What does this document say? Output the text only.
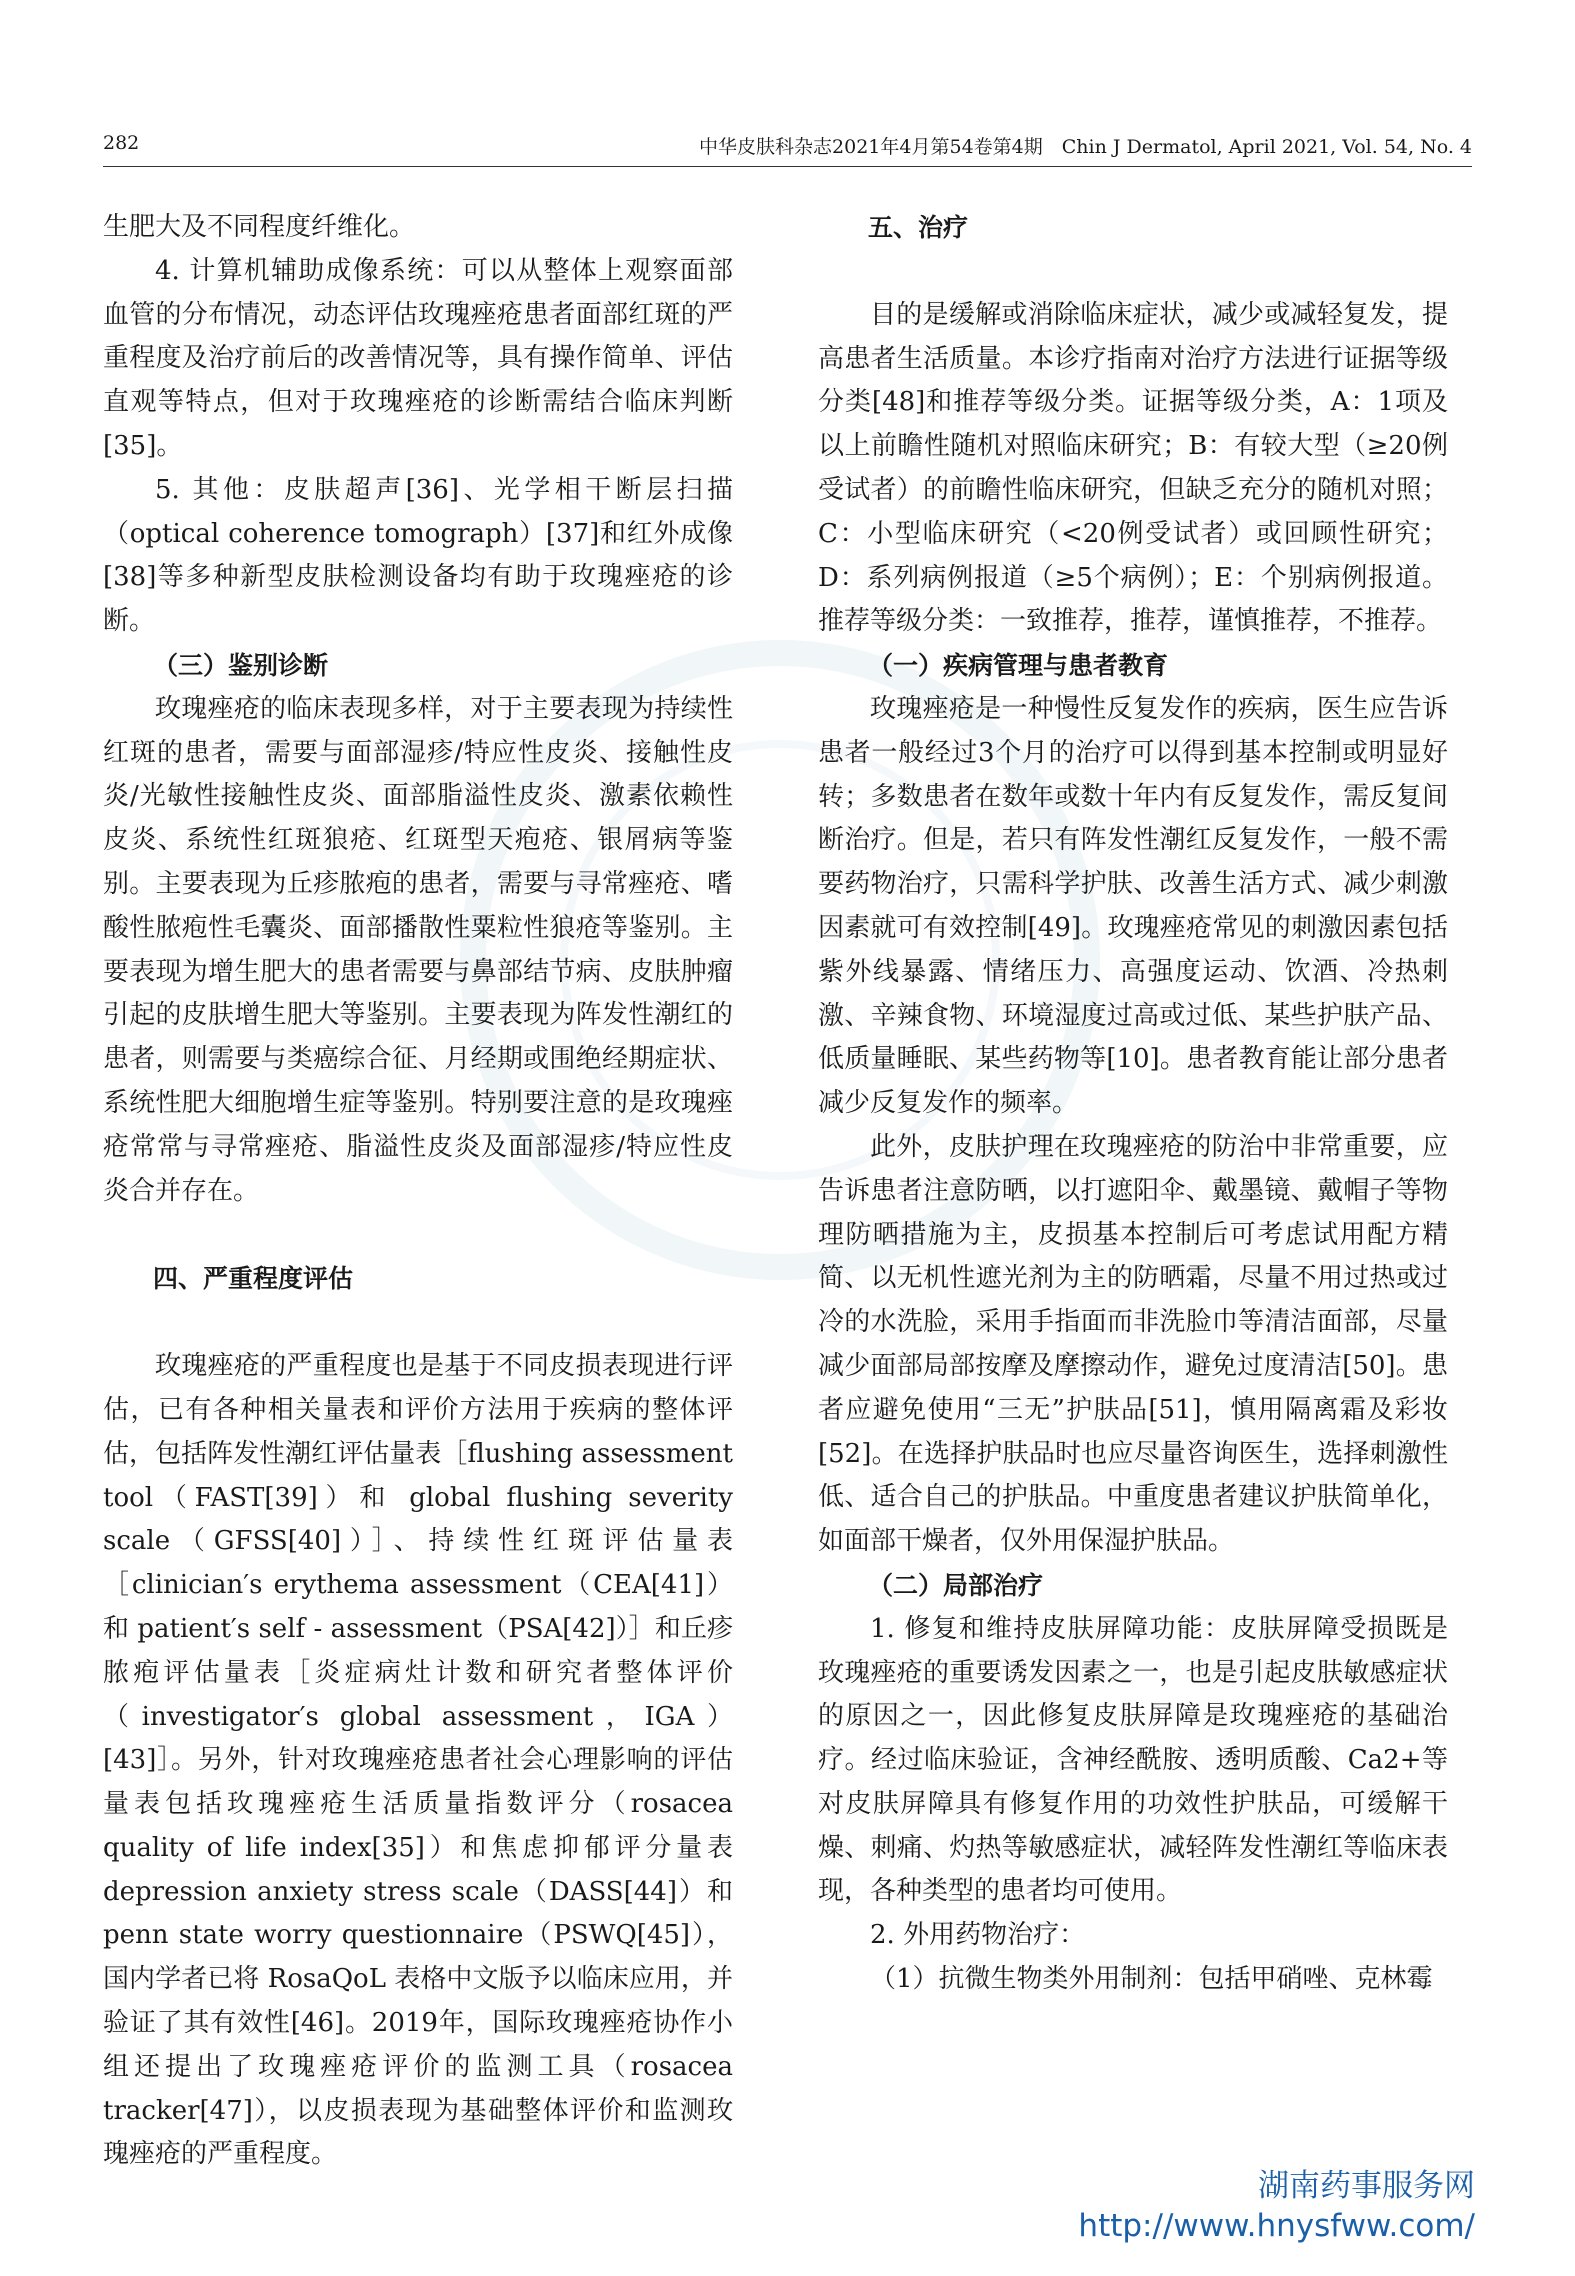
282	中华皮肤科杂志2021年4月第54卷第4期　Chin J Dermatol, April 2021, Vol. 54, No. 4

生肥大及不同程度纤维化。

4. 计算机辅助成像系统：可以从整体上观察面部血管的分布情况，动态评估玫瑰痤疮患者面部红斑的严重程度及治疗前后的改善情况等，具有操作简单、评估直观等特点，但对于玫瑰痤疮的诊断需结合临床判断[35]。

5. 其他：皮肤超声[36]、光学相干断层扫描（optical coherence tomograph）[37]和红外成像[38]等多种新型皮肤检测设备均有助于玫瑰痤疮的诊断。

（三）鉴别诊断

玫瑰痤疮的临床表现多样，对于主要表现为持续性红斑的患者，需要与面部湿疹/特应性皮炎、接触性皮炎/光敏性接触性皮炎、面部脂溢性皮炎、激素依赖性皮炎、系统性红斑狼疮、红斑型天疱疮、银屑病等鉴别。主要表现为丘疹脓疱的患者，需要与寻常痤疮、嗜酸性脓疱性毛囊炎、面部播散性粟粒性狼疮等鉴别。主要表现为增生肥大的患者需要与鼻部结节病、皮肤肿瘤引起的皮肤增生肥大等鉴别。主要表现为阵发性潮红的患者，则需要与类癌综合征、月经期或围绝经期症状、系统性肥大细胞增生症等鉴别。特别要注意的是玫瑰痤疮常常与寻常痤疮、脂溢性皮炎及面部湿疹/特应性皮炎合并存在。

四、严重程度评估

玫瑰痤疮的严重程度也是基于不同皮损表现进行评估，已有各种相关量表和评价方法用于疾病的整体评估，包括阵发性潮红评估量表［flushing assessment tool（FAST[39]）和 global flushing severity scale（GFSS[40]）］、持续性红斑评估量表［clinician′s erythema assessment（CEA[41]）和 patient′s self - assessment（PSA[42]）］和丘疹脓疱评估量表［炎症病灶计数和研究者整体评价（investigator′s global assessment，IGA）[43]］。另外，针对玫瑰痤疮患者社会心理影响的评估量表包括玫瑰痤疮生活质量指数评分（rosacea quality of life index[35]）和焦虑抑郁评分量表 depression anxiety stress scale（DASS[44]）和 penn state worry questionnaire（PSWQ[45]），国内学者已将 RosaQoL 表格中文版予以临床应用，并验证了其有效性[46]。2019年，国际玫瑰痤疮协作小组还提出了玫瑰痤疮评价的监测工具（rosacea tracker[47]），以皮损表现为基础整体评价和监测玫瑰痤疮的严重程度。

五、治疗

目的是缓解或消除临床症状，减少或减轻复发，提高患者生活质量。本诊疗指南对治疗方法进行证据等级分类[48]和推荐等级分类。证据等级分类，A：1项及以上前瞻性随机对照临床研究；B：有较大型（≥20例受试者）的前瞻性临床研究，但缺乏充分的随机对照；C：小型临床研究（<20例受试者）或回顾性研究；D：系列病例报道（≥5个病例）；E：个别病例报道。推荐等级分类：一致推荐，推荐，谨慎推荐，不推荐。

（一）疾病管理与患者教育

玫瑰痤疮是一种慢性反复发作的疾病，医生应告诉患者一般经过3个月的治疗可以得到基本控制或明显好转；多数患者在数年或数十年内有反复发作，需反复间断治疗。但是，若只有阵发性潮红反复发作，一般不需要药物治疗，只需科学护肤、改善生活方式、减少刺激因素就可有效控制[49]。玫瑰痤疮常见的刺激因素包括紫外线暴露、情绪压力、高强度运动、饮酒、冷热刺激、辛辣食物、环境湿度过高或过低、某些护肤产品、低质量睡眠、某些药物等[10]。患者教育能让部分患者减少反复发作的频率。

此外，皮肤护理在玫瑰痤疮的防治中非常重要，应告诉患者注意防晒，以打遮阳伞、戴墨镜、戴帽子等物理防晒措施为主，皮损基本控制后可考虑试用配方精简、以无机性遮光剂为主的防晒霜，尽量不用过热或过冷的水洗脸，采用手指面而非洗脸巾等清洁面部，尽量减少面部局部按摩及摩擦动作，避免过度清洁[50]。患者应避免使用“三无”护肤品[51]，慎用隔离霜及彩妆[52]。在选择护肤品时也应尽量咨询医生，选择刺激性低、适合自己的护肤品。中重度患者建议护肤简单化，如面部干燥者，仅外用保湿护肤品。

（二）局部治疗

1. 修复和维持皮肤屏障功能：皮肤屏障受损既是玫瑰痤疮的重要诱发因素之一，也是引起皮肤敏感症状的原因之一，因此修复皮肤屏障是玫瑰痤疮的基础治疗。经过临床验证，含神经酰胺、透明质酸、Ca2+等对皮肤屏障具有修复作用的功效性护肤品，可缓解干燥、刺痛、灼热等敏感症状，减轻阵发性潮红等临床表现，各种类型的患者均可使用。

2. 外用药物治疗：

（1）抗微生物类外用制剂：包括甲硝唑、克林霉

湖南药事服务网
http://www.hnysfww.com/
